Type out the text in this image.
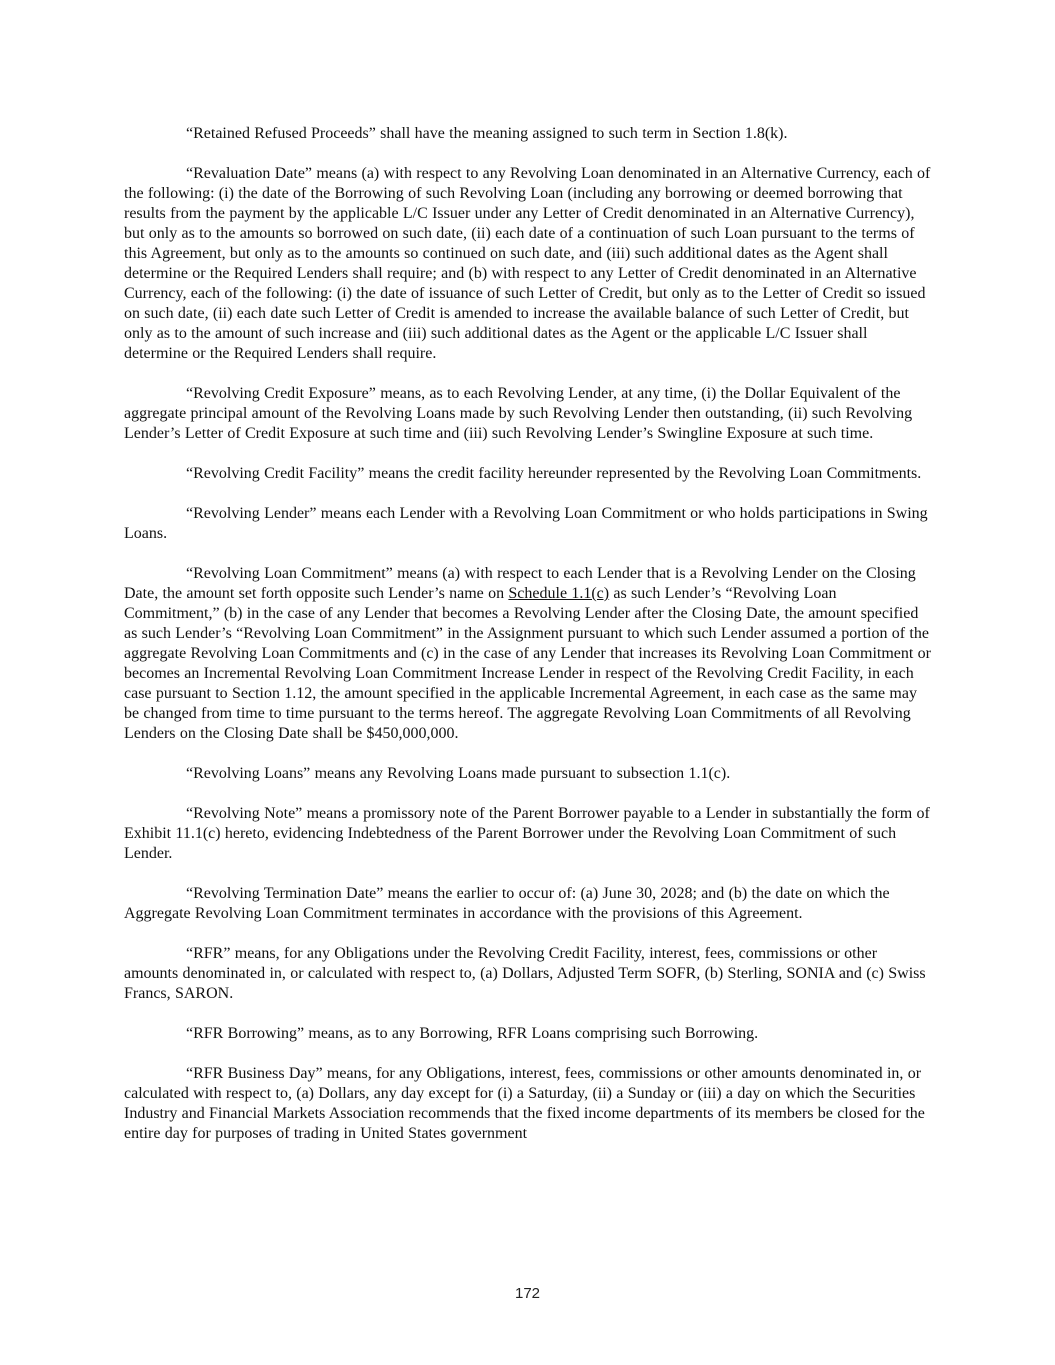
“Retained Refused Proceeds” shall have the meaning assigned to such term in Section 1.8(k).

“Revaluation Date” means (a) with respect to any Revolving Loan denominated in an Alternative Currency, each of the following: (i) the date of the Borrowing of such Revolving Loan (including any borrowing or deemed borrowing that results from the payment by the applicable L/C Issuer under any Letter of Credit denominated in an Alternative Currency), but only as to the amounts so borrowed on such date, (ii) each date of a continuation of such Loan pursuant to the terms of this Agreement, but only as to the amounts so continued on such date, and (iii) such additional dates as the Agent shall determine or the Required Lenders shall require; and (b) with respect to any Letter of Credit denominated in an Alternative Currency, each of the following: (i) the date of issuance of such Letter of Credit, but only as to the Letter of Credit so issued on such date, (ii) each date such Letter of Credit is amended to increase the available balance of such Letter of Credit, but only as to the amount of such increase and (iii) such additional dates as the Agent or the applicable L/C Issuer shall determine or the Required Lenders shall require.

“Revolving Credit Exposure” means, as to each Revolving Lender, at any time, (i) the Dollar Equivalent of the aggregate principal amount of the Revolving Loans made by such Revolving Lender then outstanding, (ii) such Revolving Lender’s Letter of Credit Exposure at such time and (iii) such Revolving Lender’s Swingline Exposure at such time.

“Revolving Credit Facility” means the credit facility hereunder represented by the Revolving Loan Commitments.

“Revolving Lender” means each Lender with a Revolving Loan Commitment or who holds participations in Swing Loans.

“Revolving Loan Commitment” means (a) with respect to each Lender that is a Revolving Lender on the Closing Date, the amount set forth opposite such Lender’s name on Schedule 1.1(c) as such Lender’s “Revolving Loan Commitment,” (b) in the case of any Lender that becomes a Revolving Lender after the Closing Date, the amount specified as such Lender’s “Revolving Loan Commitment” in the Assignment pursuant to which such Lender assumed a portion of the aggregate Revolving Loan Commitments and (c) in the case of any Lender that increases its Revolving Loan Commitment or becomes an Incremental Revolving Loan Commitment Increase Lender in respect of the Revolving Credit Facility, in each case pursuant to Section 1.12, the amount specified in the applicable Incremental Agreement, in each case as the same may be changed from time to time pursuant to the terms hereof. The aggregate Revolving Loan Commitments of all Revolving Lenders on the Closing Date shall be $450,000,000.

“Revolving Loans” means any Revolving Loans made pursuant to subsection 1.1(c).

“Revolving Note” means a promissory note of the Parent Borrower payable to a Lender in substantially the form of Exhibit 11.1(c) hereto, evidencing Indebtedness of the Parent Borrower under the Revolving Loan Commitment of such Lender.

“Revolving Termination Date” means the earlier to occur of: (a) June 30, 2028; and (b) the date on which the Aggregate Revolving Loan Commitment terminates in accordance with the provisions of this Agreement.

“RFR” means, for any Obligations under the Revolving Credit Facility, interest, fees, commissions or other amounts denominated in, or calculated with respect to, (a) Dollars, Adjusted Term SOFR, (b) Sterling, SONIA and (c) Swiss Francs, SARON.

“RFR Borrowing” means, as to any Borrowing, RFR Loans comprising such Borrowing.

“RFR Business Day” means, for any Obligations, interest, fees, commissions or other amounts denominated in, or calculated with respect to, (a) Dollars, any day except for (i) a Saturday, (ii) a Sunday or (iii) a day on which the Securities Industry and Financial Markets Association recommends that the fixed income departments of its members be closed for the entire day for purposes of trading in United States government

172
